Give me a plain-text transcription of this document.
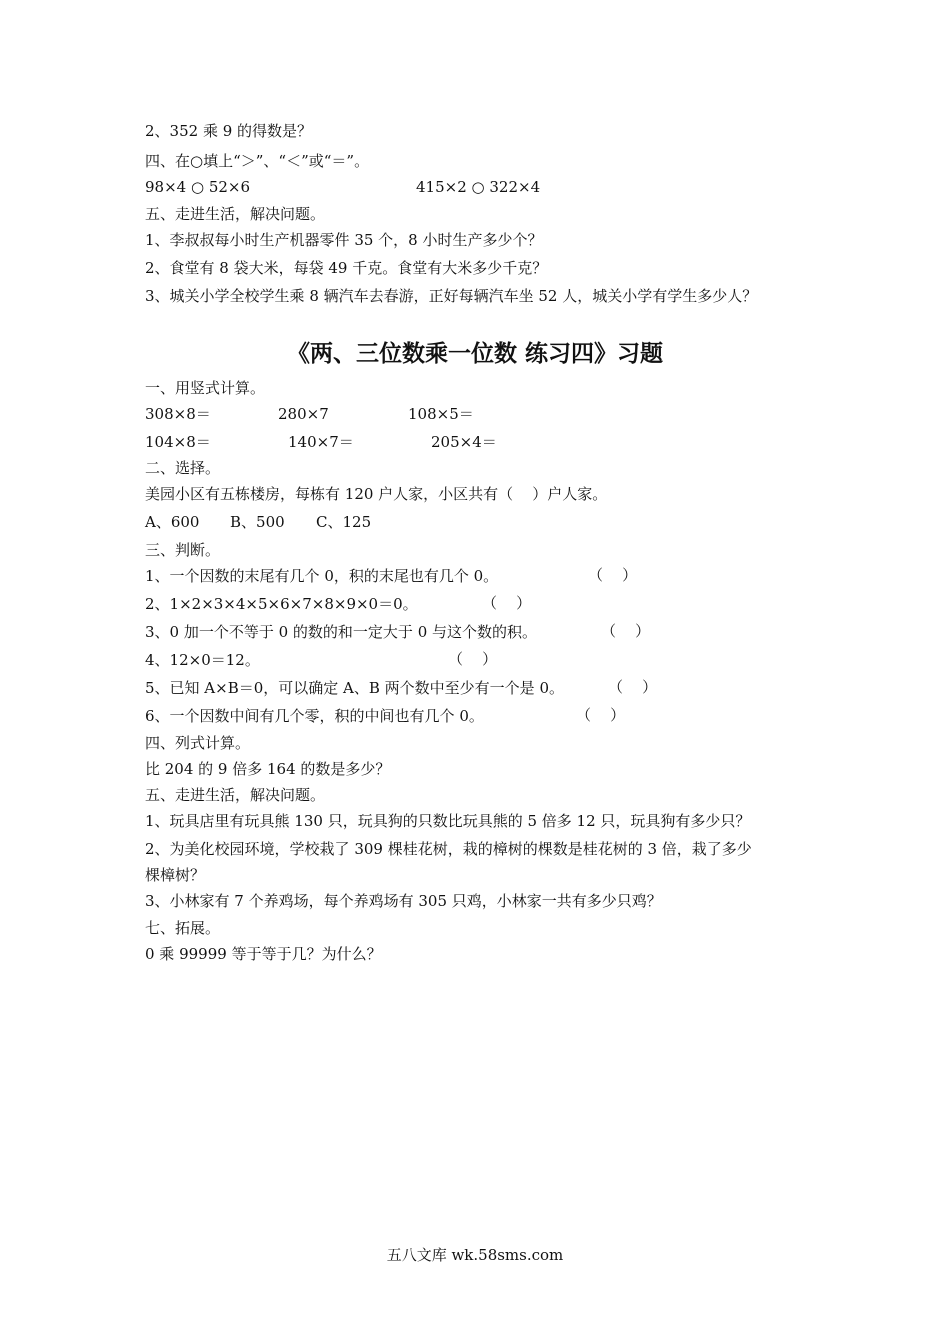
2、352 乘 9 的得数是？

四、在○填上“＞”、“＜”或“＝”。

98×4 ○ 52×6	415×2 ○ 322×4

五、走进生活，解决问题。

1、李叔叔每小时生产机器零件 35 个，8 小时生产多少个？

2、食堂有 8 袋大米，每袋 49 千克。食堂有大米多少千克？

3、城关小学全校学生乘 8 辆汽车去春游，正好每辆汽车坐 52 人，城关小学有学生多少人？

《两、三位数乘一位数 练习四》习题

一、用竖式计算。

308×8＝	280×7	108×5＝

104×8＝	140×7＝	205×4＝

二、选择。

美园小区有五栋楼房，每栋有 120 户人家，小区共有（    ）户人家。

A、600 B、500 C、125

三、判断。

1、一个因数的末尾有几个 0，积的末尾也有几个 0。	（    ）

2、1×2×3×4×5×6×7×8×9×0＝0。	（    ）

3、0 加一个不等于 0 的数的和一定大于 0 与这个数的积。	（    ）

4、12×0＝12。	（    ）

5、已知 A×B＝0，可以确定 A、B 两个数中至少有一个是 0。	（    ）

6、一个因数中间有几个零，积的中间也有几个 0。	（    ）

四、列式计算。

比 204 的 9 倍多 164 的数是多少？

五、走进生活，解决问题。

1、玩具店里有玩具熊 130 只，玩具狗的只数比玩具熊的 5 倍多 12 只，玩具狗有多少只？

2、为美化校园环境，学校栽了 309 棵桂花树，栽的樟树的棵数是桂花树的 3 倍，栽了多少

棵樟树？

3、小林家有 7 个养鸡场，每个养鸡场有 305 只鸡，小林家一共有多少只鸡？

七、拓展。

0 乘 99999 等于等于几？为什么？

五八文库 wk.58sms.com
